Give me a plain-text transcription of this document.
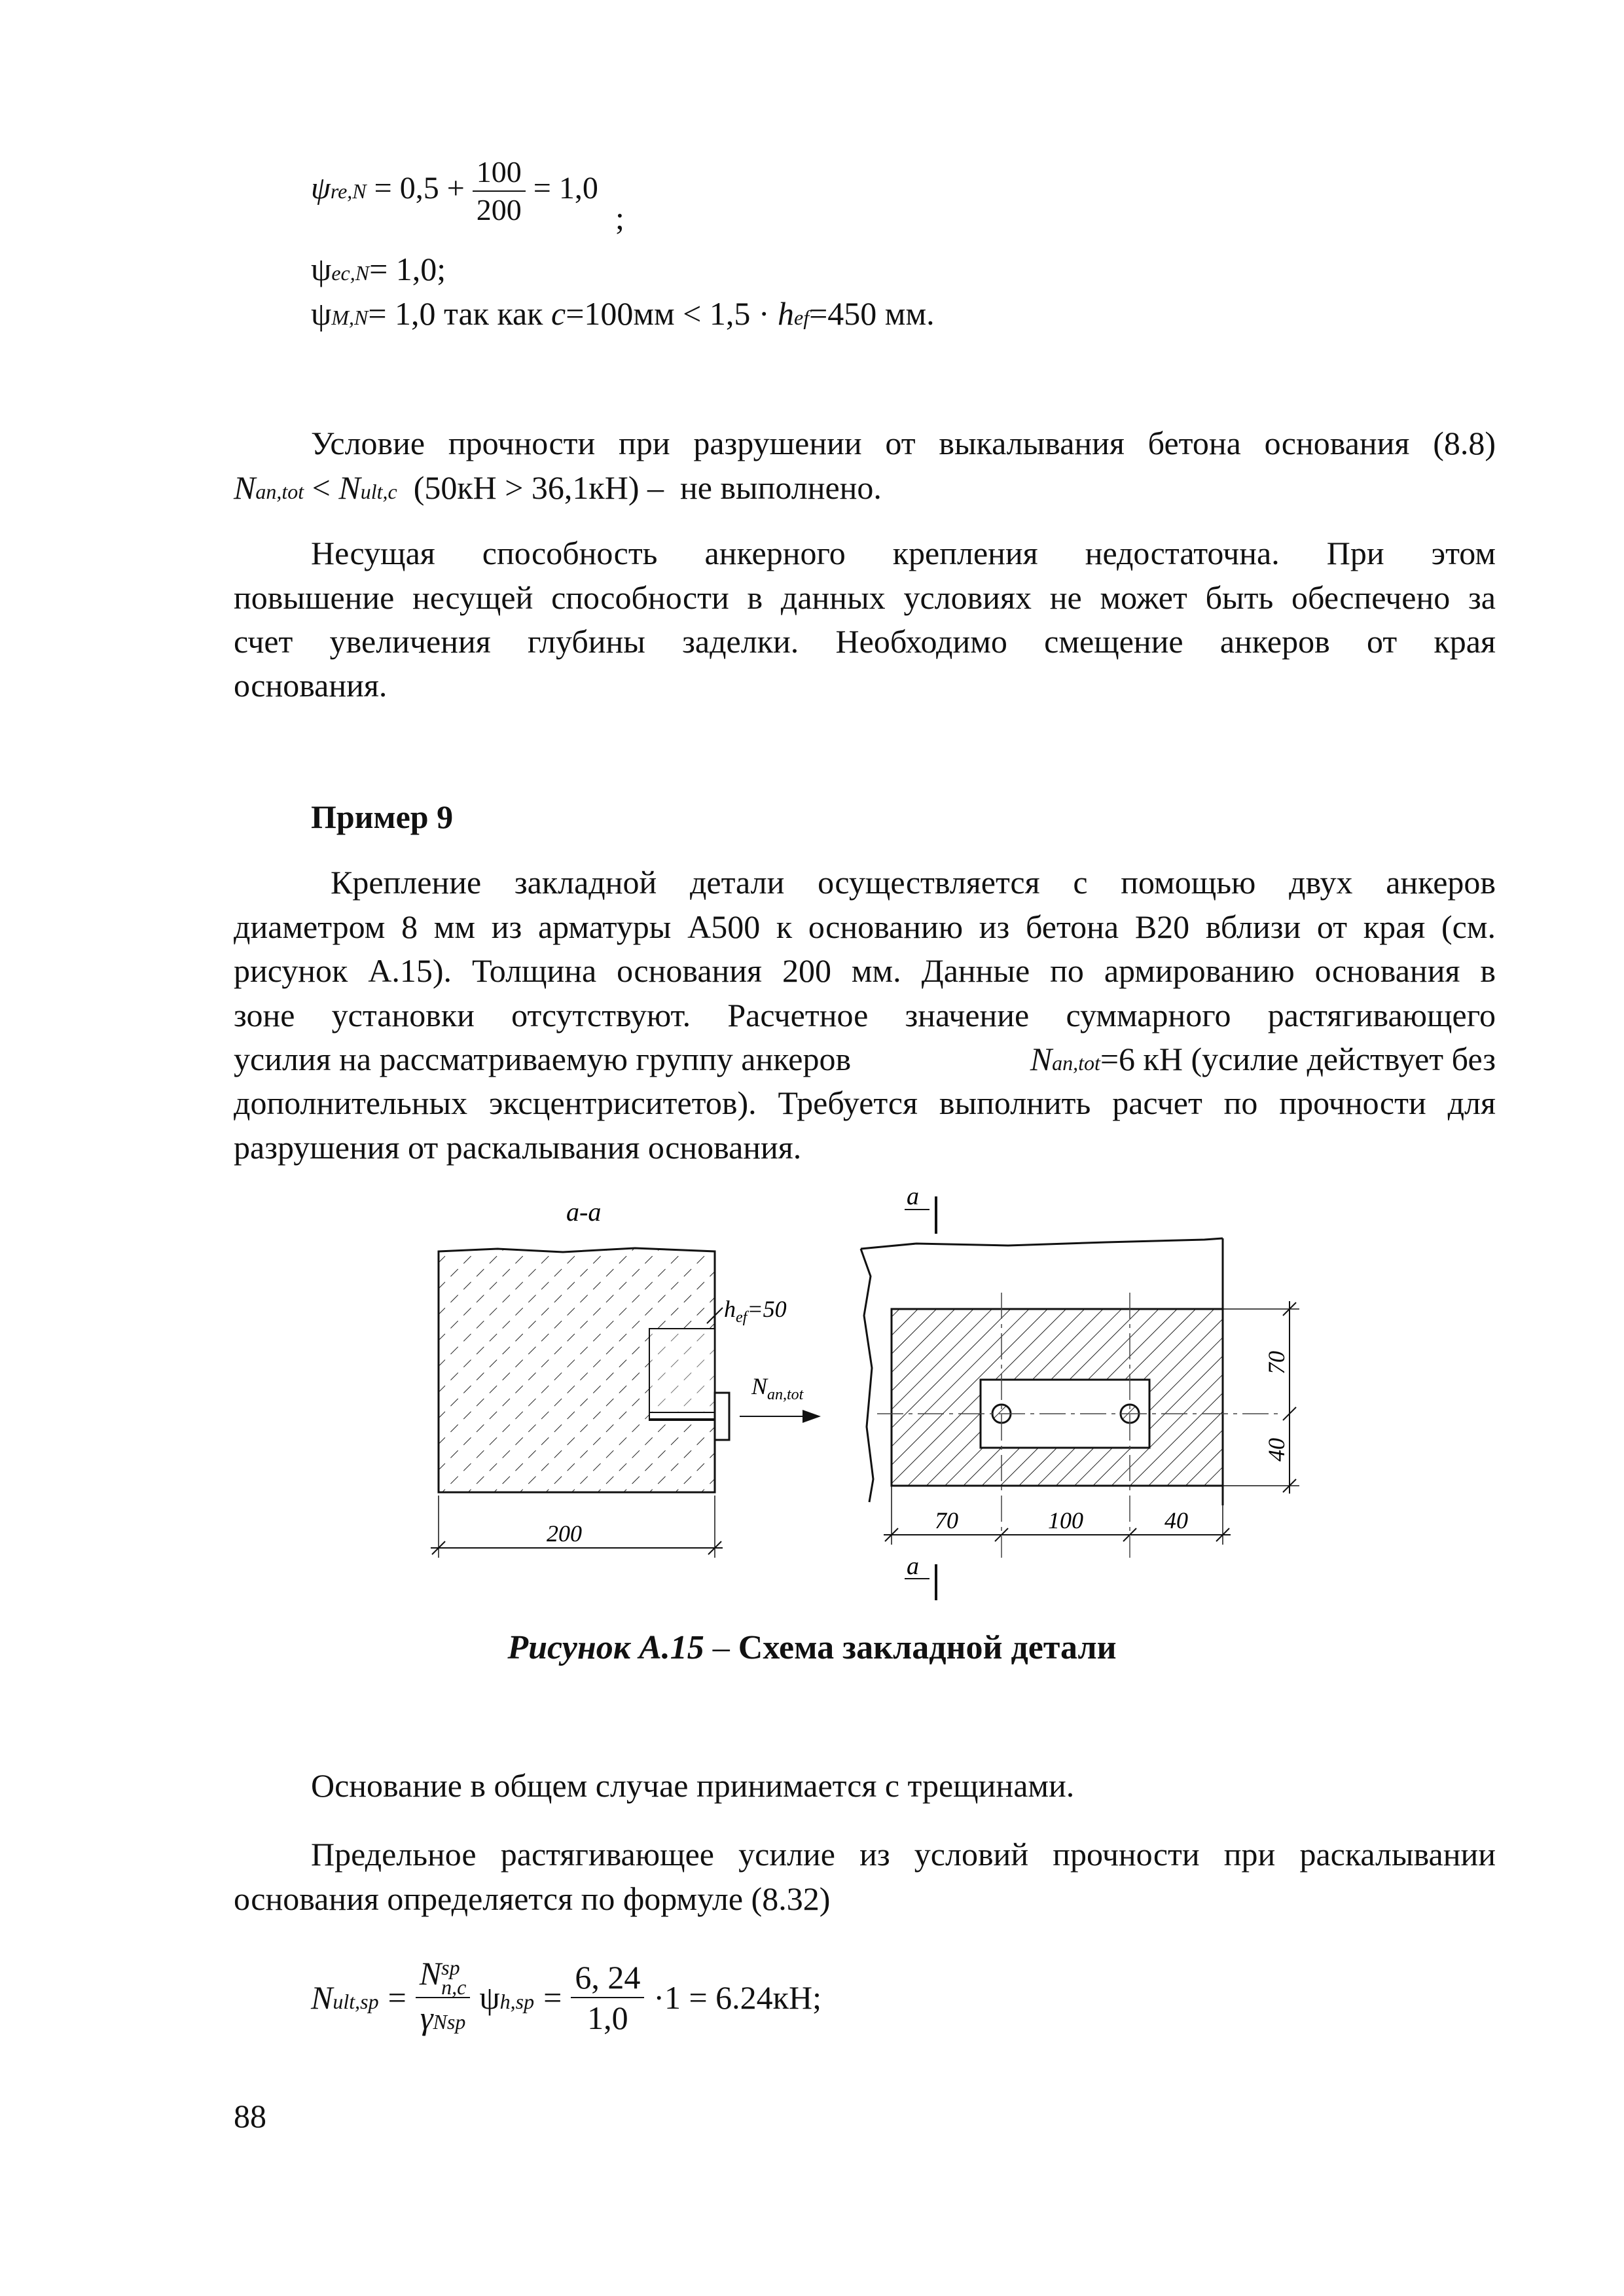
$\psi re,N = 0,5 + \frac{100}{200} = 1,0$
;
ψec,N= 1,0;
ψM,N= 1,0 так как c=100мм < 1,5 · hef=450 мм.
Условие прочности при разрушении от выкалывания бетона основания (8.8)
Nan,tot < Nult,c  (50кН > 36,1кН) –  не выполнено.
Несущая способность анкерного крепления недостаточна. При этом
повышение несущей способности в данных условиях не может быть обеспечено за
счет увеличения глубины заделки. Необходимо смещение анкеров от края
основания.
Пример 9
Крепление закладной детали осуществляется с помощью двух анкеров
диаметром 8 мм из арматуры А500 к основанию из бетона В20 вблизи от края (см.
рисунок А.15). Толщина основания 200 мм. Данные по армированию основания в
зоне установки отсутствуют. Расчетное значение суммарного растягивающего
усилия на рассматриваемую группу анкеров	Nan,tot=6 кН (усилие действует без
дополнительных эксцентриситетов). Требуется выполнить расчет по прочности для
разрушения от раскалывания основания.
а-а
$h_{ef}=50$
$N_{an,tot}$
200
а
а
70	100	40
70
40
Рисунок А.15 – Схема закладной детали
Основание в общем случае принимается с трещинами.
Предельное растягивающее усилие из условий прочности при раскалывании
основания определяется по формуле (8.32)
Nult,sp = N sp
n,c
γNsp $\psi h,sp = \frac{6, 24}{1,0} \cdot 1 = 6.24кН$;
88
